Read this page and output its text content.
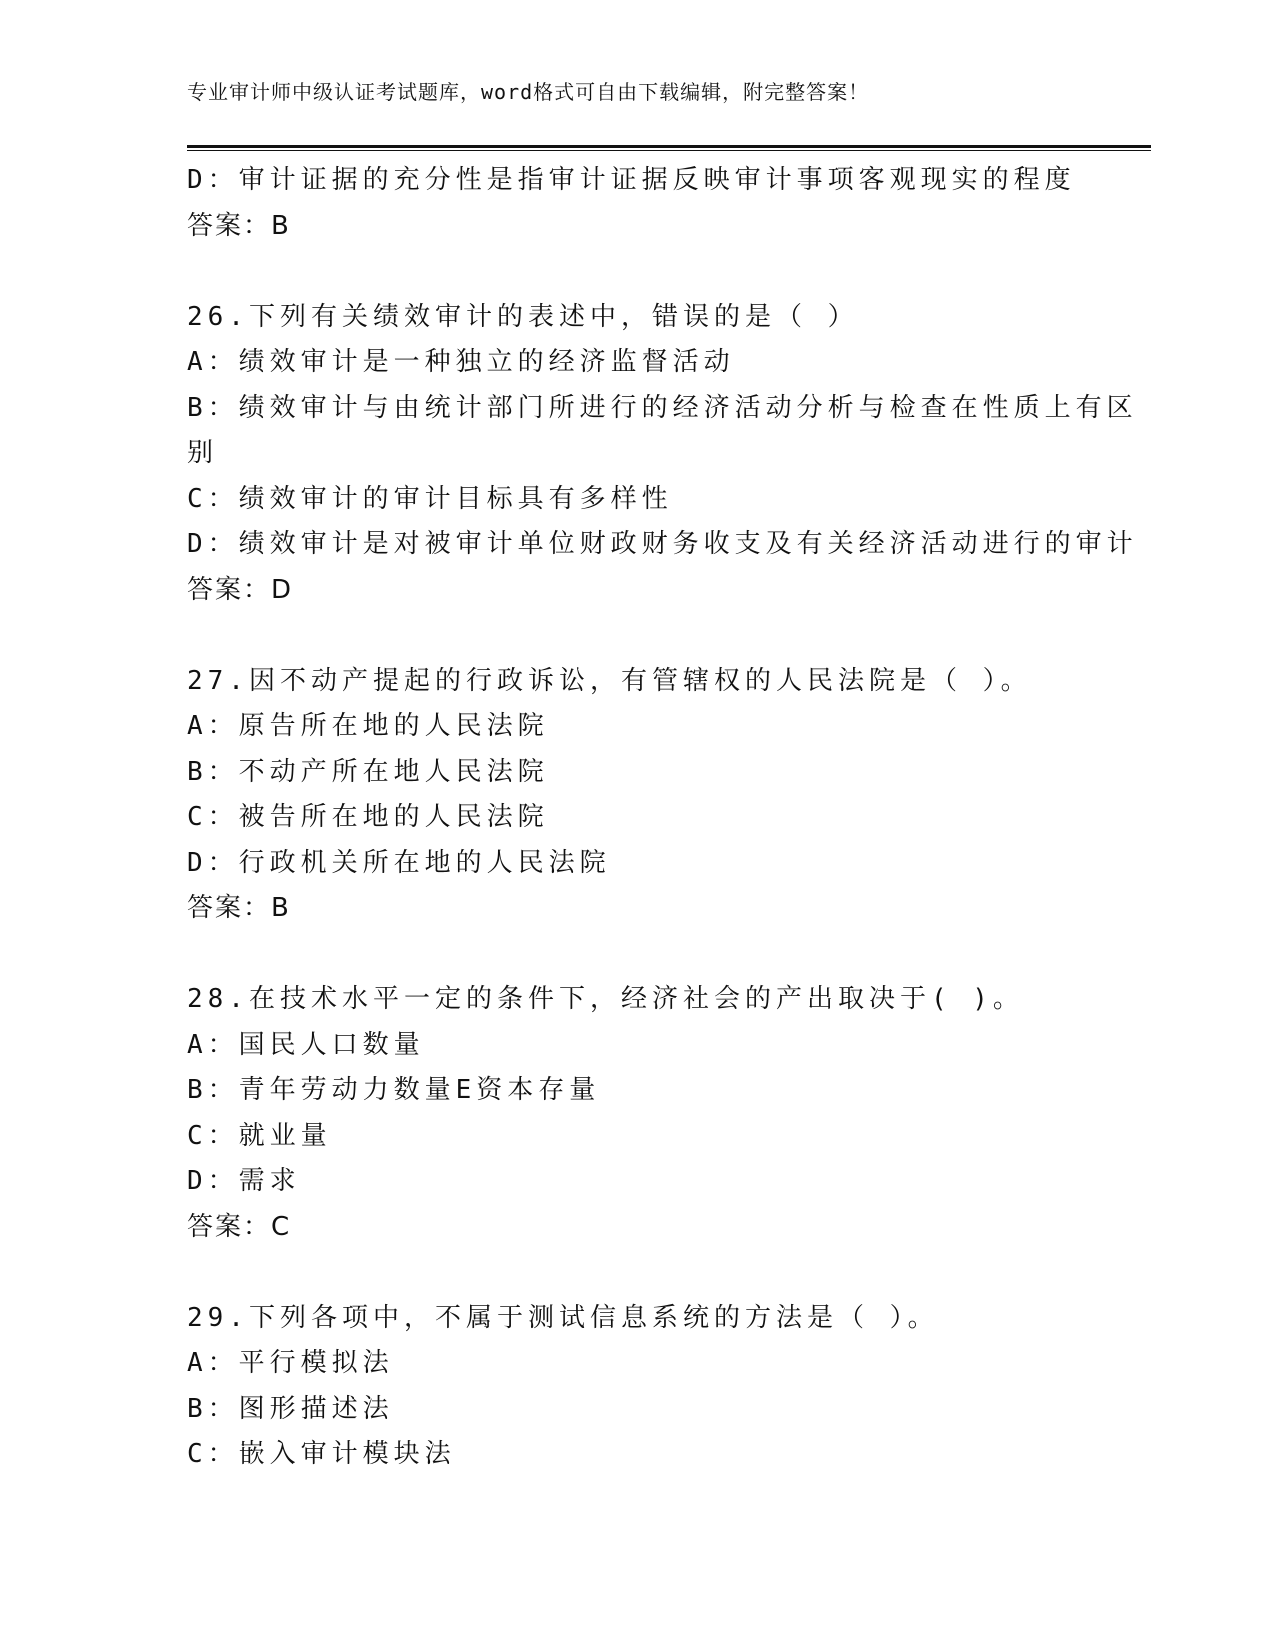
专业审计师中级认证考试题库，word格式可自由下载编辑，附完整答案！
D：审计证据的充分性是指审计证据反映审计事项客观现实的程度
答案：B
26.下列有关绩效审计的表述中，错误的是（ ）
A：绩效审计是一种独立的经济监督活动
B：绩效审计与由统计部门所进行的经济活动分析与检查在性质上有区
别
C：绩效审计的审计目标具有多样性
D：绩效审计是对被审计单位财政财务收支及有关经济活动进行的审计
答案：D
27.因不动产提起的行政诉讼，有管辖权的人民法院是（ ）。
A：原告所在地的人民法院
B：不动产所在地人民法院
C：被告所在地的人民法院
D：行政机关所在地的人民法院
答案：B
28.在技术水平一定的条件下，经济社会的产出取决于( )。
A：国民人口数量
B：青年劳动力数量E资本存量
C：就业量
D：需求
答案：C
29.下列各项中，不属于测试信息系统的方法是（ ）。
A：平行模拟法
B：图形描述法
C：嵌入审计模块法
